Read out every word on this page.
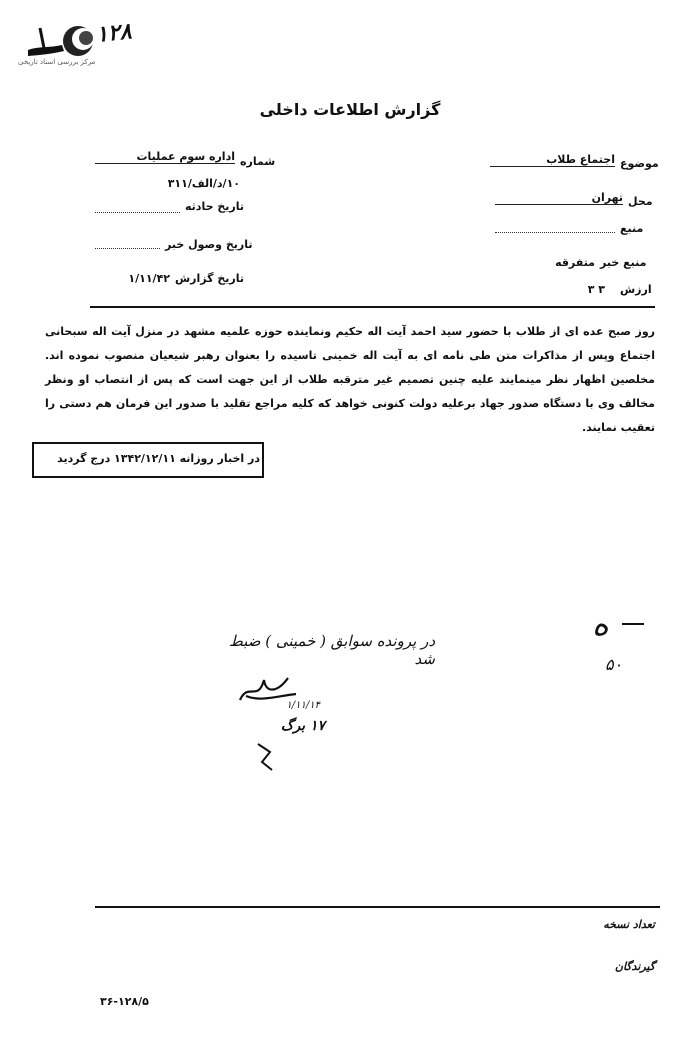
مرکز بررسی اسناد تاریخی
۱۲۸
گزارش اطلاعات داخلی
شماره
اداره سوم عملیات
۱۰/د/الف/۳۱۱
تاریخ حادثه
تاریخ وصول خبر
تاریخ گزارش
۱/۱۱/۴۲
موضوع
اجتماع طلاب
محل
تهران
منبع
منبع خبر
متفرقه
ارزش
۳ ۳
روز صبح عده ای از طلاب با حضور سید احمد آیت اله حکیم ونماینده حوزه علمیه مشهد در منزل آیت اله سبحانی اجتماع وپس از مذاکرات متن طی نامه ای به آیت اله خمینی تاسیده را بعنوان رهبر شیعیان منصوب نموده اند. مخلصین اظهار نظر مینمایند علیه چنین تصمیم غیر مترقبه طلاب از این جهت است که پس از انتصاب او ونظر مخالف وی با دستگاه صدور جهاد برعلیه دولت کنونی خواهد که کلیه مراجع تقلید با صدور این فرمان هم دستی را تعقیب نمایند.
در اخبار روزانه ۱۳۴۲/۱۲/۱۱ درج گردید
ه
۵۰
در پرونده سوابق ( خمینی ) ضبط شد
۱/۱۱/۱۴
۱۷ برگ
تعداد نسخه
گیرندگان
۳۶-۱۲۸/۵
